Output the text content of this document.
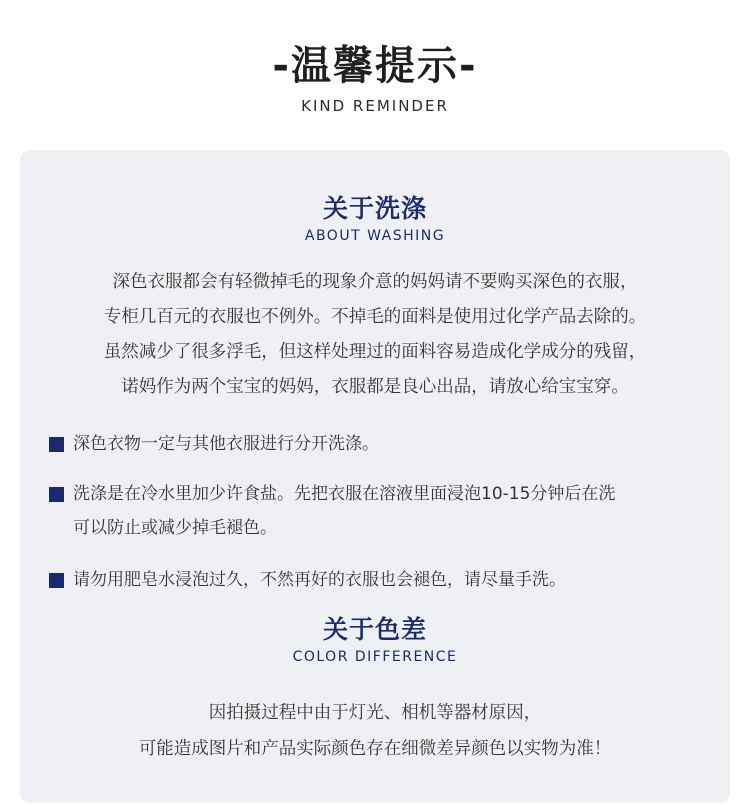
-温馨提示-
KIND REMINDER
关于洗涤
ABOUT WASHING
深色衣服都会有轻微掉毛的现象介意的妈妈请不要购买深色的衣服，
专柜几百元的衣服也不例外。不掉毛的面料是使用过化学产品去除的。
虽然减少了很多浮毛，但这样处理过的面料容易造成化学成分的残留，
诺妈作为两个宝宝的妈妈，衣服都是良心出品，请放心给宝宝穿。
深色衣物一定与其他衣服进行分开洗涤。
洗涤是在冷水里加少许食盐。先把衣服在溶液里面浸泡10-15分钟后在洗
可以防止或减少掉毛褪色。
请勿用肥皂水浸泡过久，不然再好的衣服也会褪色，请尽量手洗。
关于色差
COLOR DIFFERENCE
因拍摄过程中由于灯光、相机等器材原因，
可能造成图片和产品实际颜色存在细微差异颜色以实物为准！
